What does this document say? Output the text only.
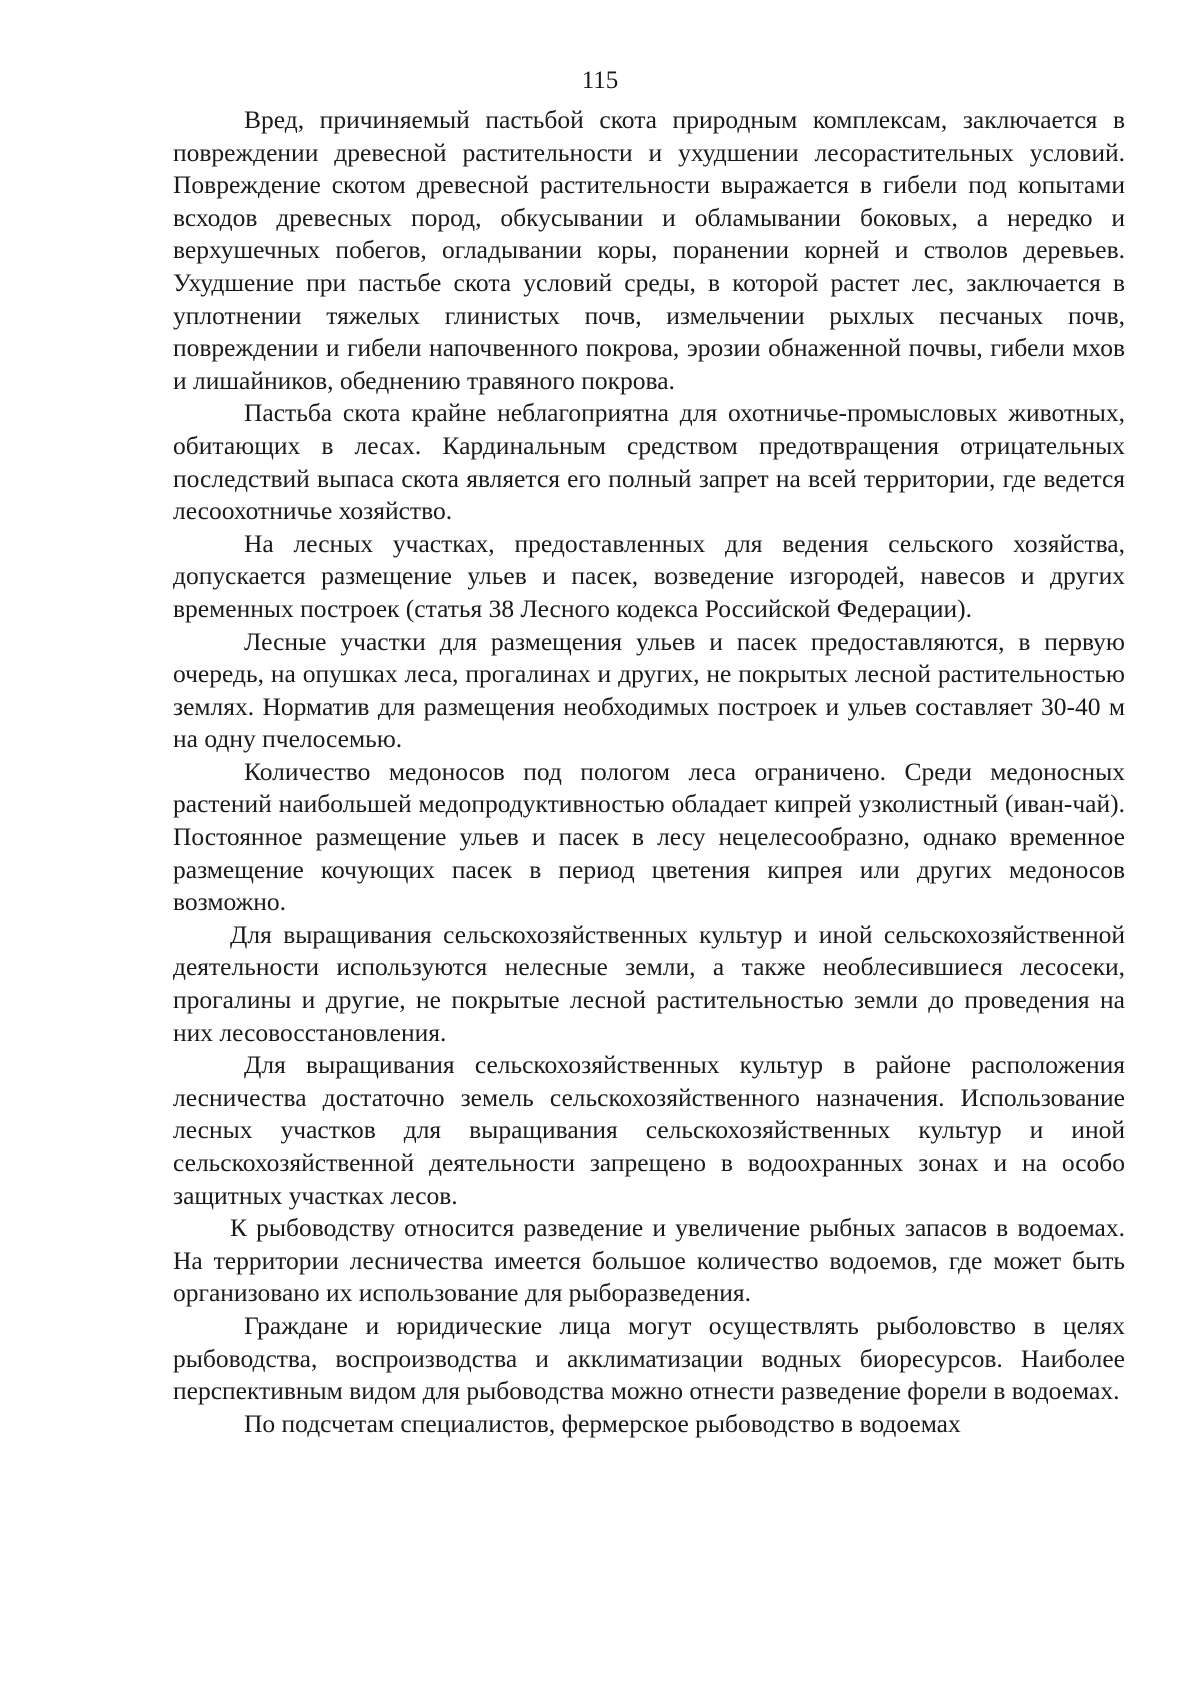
115

Вред, причиняемый пастьбой скота природным комплексам, заключается в повреждении древесной растительности и ухудшении лесорастительных условий. Повреждение скотом древесной растительности выражается в гибели под копытами всходов древесных пород, обкусывании и обламывании боковых, а нередко и верхушечных побегов, огладывании коры, поранении корней и стволов деревьев. Ухудшение при пастьбе скота условий среды, в которой растет лес, заключается в уплотнении тяжелых глинистых почв, измельчении рыхлых песчаных почв, повреждении и гибели напочвенного покрова, эрозии обнаженной почвы, гибели мхов и лишайников, обеднению травяного покрова.

Пастьба скота крайне неблагоприятна для охотничье-промысловых животных, обитающих в лесах. Кардинальным средством предотвращения отрицательных последствий выпаса скота является его полный запрет на всей территории, где ведется лесоохотничье хозяйство.

На лесных участках, предоставленных для ведения сельского хозяйства, допускается размещение ульев и пасек, возведение изгородей, навесов и других временных построек (статья 38 Лесного кодекса Российской Федерации).

Лесные участки для размещения ульев и пасек предоставляются, в первую очередь, на опушках леса, прогалинах и других, не покрытых лесной растительностью землях. Норматив для размещения необходимых построек и ульев составляет 30-40 м на одну пчелосемью.

Количество медоносов под пологом леса ограничено. Среди медоносных растений наибольшей медопродуктивностью обладает кипрей узколистный (иван-чай). Постоянное размещение ульев и пасек в лесу нецелесообразно, однако временное размещение кочующих пасек в период цветения кипрея или других медоносов возможно.

Для выращивания сельскохозяйственных культур и иной сельскохозяйственной деятельности используются нелесные земли, а также необлесившиеся лесосеки, прогалины и другие, не покрытые лесной растительностью земли до проведения на них лесовосстановления.

Для выращивания сельскохозяйственных культур в районе расположения лесничества достаточно земель сельскохозяйственного назначения. Использование лесных участков для выращивания сельскохозяйственных культур и иной сельскохозяйственной деятельности запрещено в водоохранных зонах и на особо защитных участках лесов.

К рыбоводству относится разведение и увеличение рыбных запасов в водоемах. На территории лесничества имеется большое количество водоемов, где может быть организовано их использование для рыборазведения.

Граждане и юридические лица могут осуществлять рыболовство в целях рыбоводства, воспроизводства и акклиматизации водных биоресурсов. Наиболее перспективным видом для рыбоводства можно отнести разведение форели в водоемах.

По подсчетам специалистов, фермерское рыбоводство в водоемах
